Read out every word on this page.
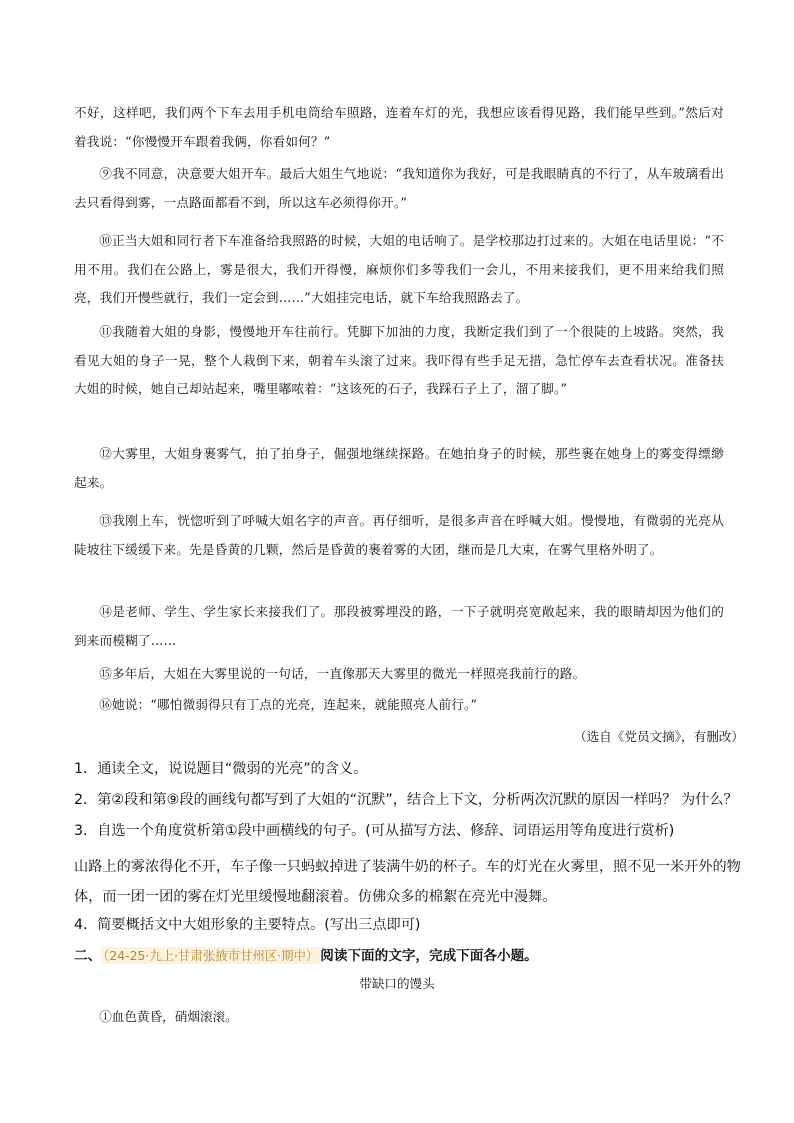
不好，这样吧，我们两个下车去用手机电筒给车照路，连着车灯的光，我想应该看得见路，我们能早些到。”然后对着我说：“你慢慢开车跟着我俩，你看如何？”

⑨我不同意，决意要大姐开车。最后大姐生气地说：“我知道你为我好，可是我眼睛真的不行了，从车玻璃看出去只看得到雾，一点路面都看不到，所以这车必须得你开。”

⑩正当大姐和同行者下车准备给我照路的时候，大姐的电话响了。是学校那边打过来的。大姐在电话里说：“不用不用。我们在公路上，雾是很大，我们开得慢，麻烦你们多等我们一会儿，不用来接我们，更不用来给我们照亮，我们开慢些就行，我们一定会到……”大姐挂完电话，就下车给我照路去了。

⑪我随着大姐的身影，慢慢地开车往前行。凭脚下加油的力度，我断定我们到了一个很陡的上坡路。突然，我看见大姐的身子一晃，整个人栽倒下来，朝着车头滚了过来。我吓得有些手足无措，急忙停车去查看状况。准备扶大姐的时候，她自己却站起来，嘴里嘟哝着：“这该死的石子，我踩石子上了，溜了脚。”

⑫大雾里，大姐身裹雾气，拍了拍身子，倔强地继续探路。在她拍身子的时候，那些裹在她身上的雾变得缥缈起来。

⑬我刚上车，恍惚听到了呼喊大姐名字的声音。再仔细听，是很多声音在呼喊大姐。慢慢地，有微弱的光亮从陡坡往下缓缓下来。先是昏黄的几颗，然后是昏黄的裹着雾的大团，继而是几大束，在雾气里格外明了。

⑭是老师、学生、学生家长来接我们了。那段被雾埋没的路，一下子就明亮宽敞起来，我的眼睛却因为他们的到来而模糊了……

⑮多年后，大姐在大雾里说的一句话，一直像那天大雾里的微光一样照亮我前行的路。

⑯她说：“哪怕微弱得只有丁点的光亮，连起来，就能照亮人前行。”

（选自《党员文摘》，有删改）

1．通读全文，说说题目“微弱的光亮”的含义。

2．第②段和第⑨段的画线句都写到了大姐的“沉默”，结合上下文，分析两次沉默的原因一样吗？ 为什么？

3．自选一个角度赏析第①段中画横线的句子。(可从描写方法、修辞、词语运用等角度进行赏析)

山路上的雾浓得化不开，车子像一只蚂蚁掉进了装满牛奶的杯子。车的灯光在火雾里，照不见一米开外的物体，而一团一团的雾在灯光里缓慢地翻滚着。仿佛众多的棉絮在亮光中漫舞。

4．简要概括文中大姐形象的主要特点。(写出三点即可)

二、 （24-25·九上·甘肃张掖市甘州区·期中） 阅读下面的文字，完成下面各小题。

带缺口的馒头

①血色黄昏，硝烟滚滚。
